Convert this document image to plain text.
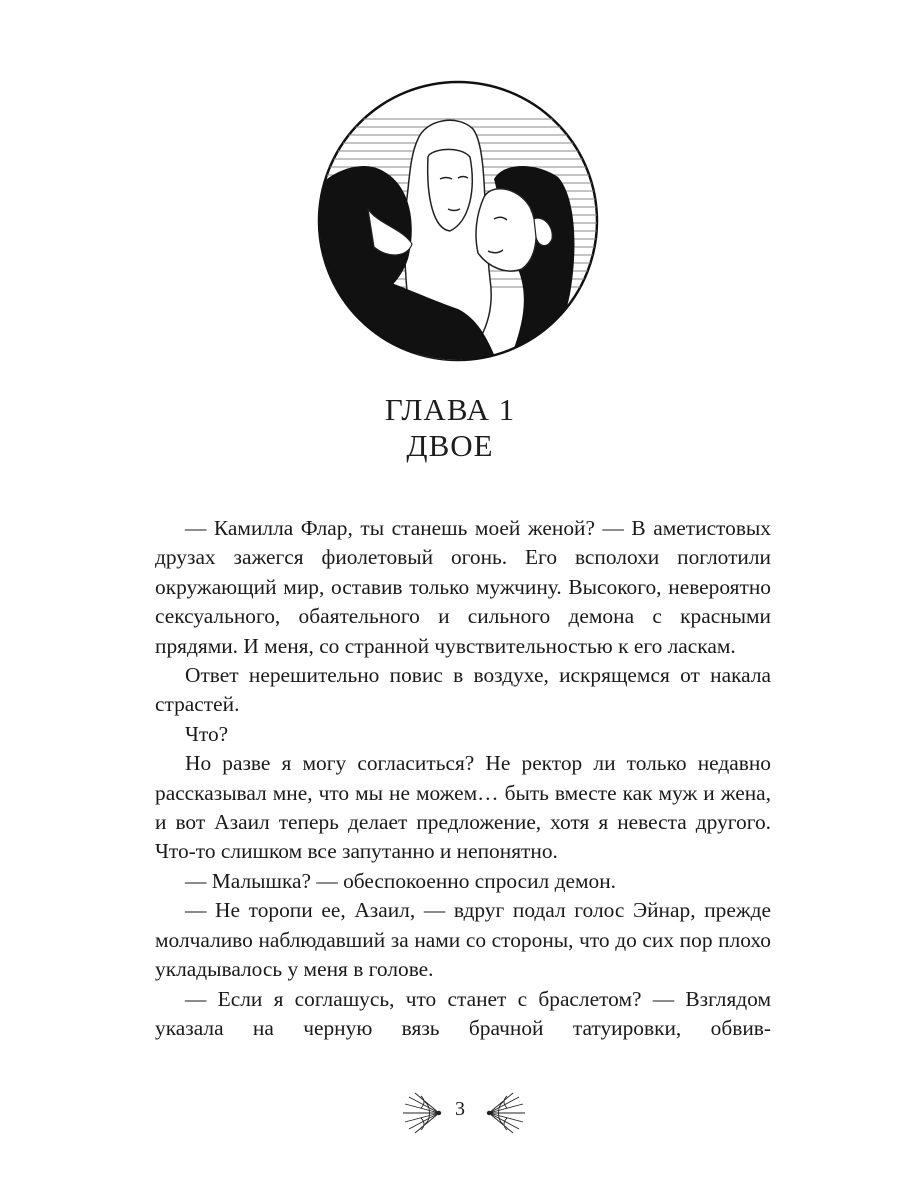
ГЛАВА 1
ДВОЕ

— Камилла Флар, ты станешь моей женой? — В аметистовых друзах зажегся фиолетовый огонь. Его всполохи поглотили окружающий мир, оставив только мужчину. Высокого, невероятно сексуального, обаятельного и сильного демона с красными прядями. И меня, со странной чувствительностью к его ласкам.

Ответ нерешительно повис в воздухе, искрящемся от накала страстей.

Что?

Но разве я могу согласиться? Не ректор ли только недавно рассказывал мне, что мы не можем… быть вместе как муж и жена, и вот Азаил теперь делает предложение, хотя я невеста другого. Что-то слишком все запутанно и непонятно.

— Малышка? — обеспокоенно спросил демон.

— Не торопи ее, Азаил, — вдруг подал голос Эйнар, прежде молчаливо наблюдавший за нами со стороны, что до сих пор плохо укладывалось у меня в голове.

— Если я соглашусь, что станет с браслетом? — Взглядом указала на черную вязь брачной татуировки, обвив-

3
